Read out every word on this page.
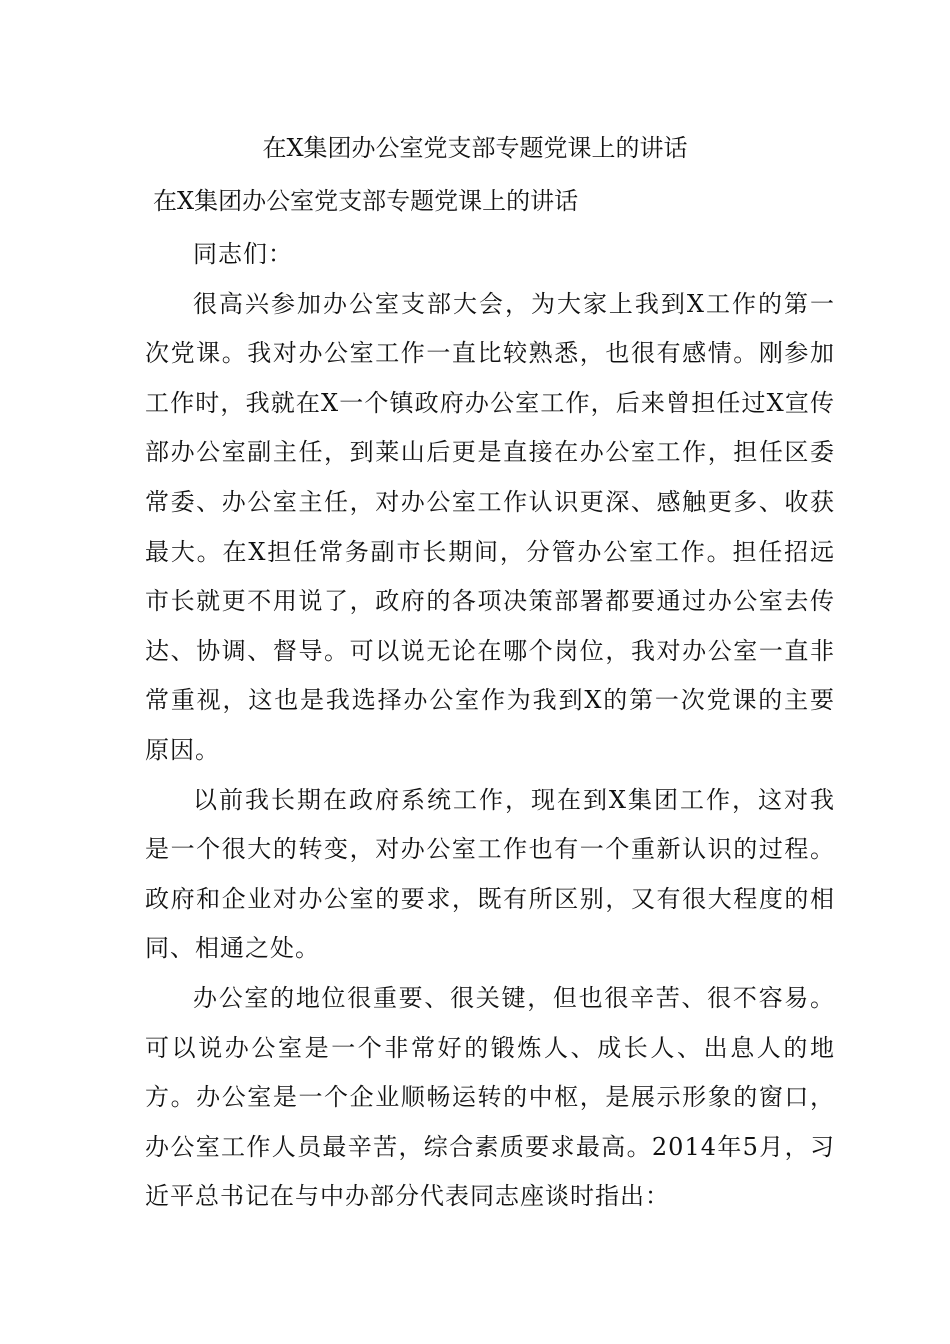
在X集团办公室党支部专题党课上的讲话
在X集团办公室党支部专题党课上的讲话

同志们：

很高兴参加办公室支部大会，为大家上我到X工作的第一次党课。我对办公室工作一直比较熟悉，也很有感情。刚参加工作时，我就在X一个镇政府办公室工作，后来曾担任过X宣传部办公室副主任，到莱山后更是直接在办公室工作，担任区委常委、办公室主任，对办公室工作认识更深、感触更多、收获最大。在X担任常务副市长期间，分管办公室工作。担任招远市长就更不用说了，政府的各项决策部署都要通过办公室去传达、协调、督导。可以说无论在哪个岗位，我对办公室一直非常重视，这也是我选择办公室作为我到X的第一次党课的主要原因。

以前我长期在政府系统工作，现在到X集团工作，这对我是一个很大的转变，对办公室工作也有一个重新认识的过程。政府和企业对办公室的要求，既有所区别，又有很大程度的相同、相通之处。

办公室的地位很重要、很关键，但也很辛苦、很不容易。可以说办公室是一个非常好的锻炼人、成长人、出息人的地方。办公室是一个企业顺畅运转的中枢，是展示形象的窗口，办公室工作人员最辛苦，综合素质要求最高。2014年5月，习近平总书记在与中办部分代表同志座谈时指出：
